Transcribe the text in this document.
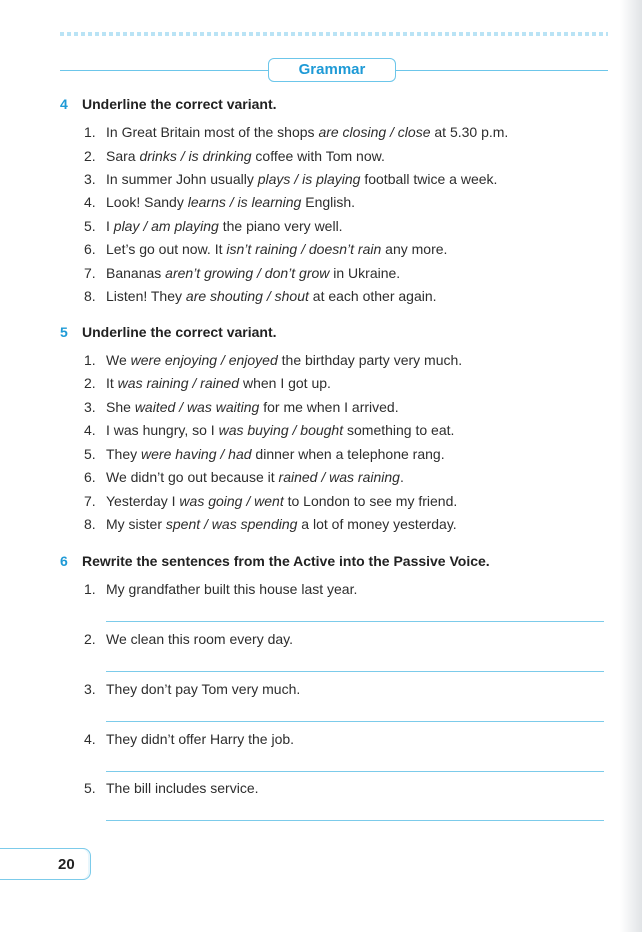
Grammar
4 Underline the correct variant.
1. In Great Britain most of the shops are closing / close at 5.30 p.m.
2. Sara drinks / is drinking coffee with Tom now.
3. In summer John usually plays / is playing football twice a week.
4. Look! Sandy learns / is learning English.
5. I play / am playing the piano very well.
6. Let’s go out now. It isn’t raining / doesn’t rain any more.
7. Bananas aren’t growing / don’t grow in Ukraine.
8. Listen! They are shouting / shout at each other again.
5 Underline the correct variant.
1. We were enjoying / enjoyed the birthday party very much.
2. It was raining / rained when I got up.
3. She waited / was waiting for me when I arrived.
4. I was hungry, so I was buying / bought something to eat.
5. They were having / had dinner when a telephone rang.
6. We didn’t go out because it rained / was raining.
7. Yesterday I was going / went to London to see my friend.
8. My sister spent / was spending a lot of money yesterday.
6 Rewrite the sentences from the Active into the Passive Voice.
1. My grandfather built this house last year.
2. We clean this room every day.
3. They don’t pay Tom very much.
4. They didn’t offer Harry the job.
5. The bill includes service.
20
